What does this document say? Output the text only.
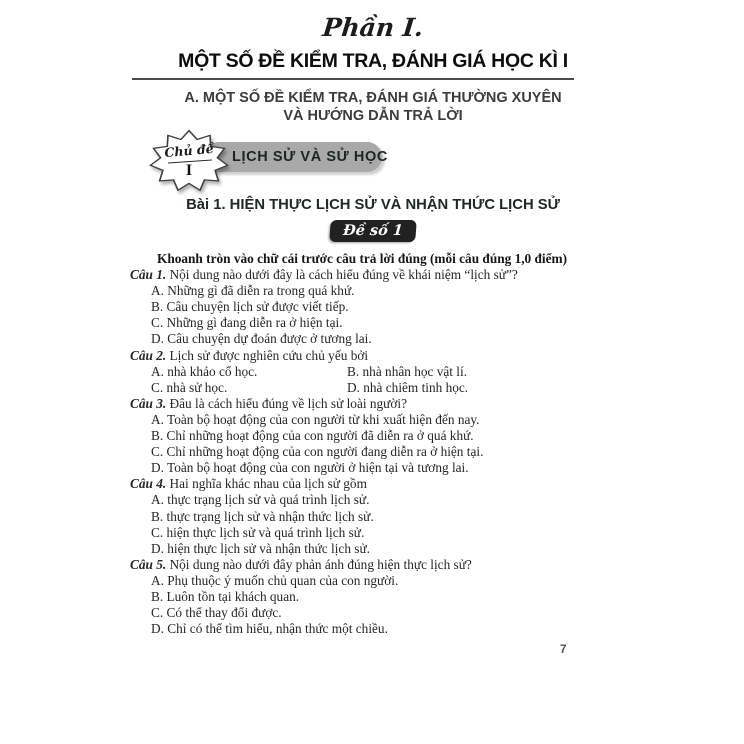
Phần I.
MỘT SỐ ĐỀ KIỂM TRA, ĐÁNH GIÁ HỌC KÌ I
A. MỘT SỐ ĐỀ KIỂM TRA, ĐÁNH GIÁ THƯỜNG XUYÊN
VÀ HƯỚNG DẪN TRẢ LỜI
LỊCH SỬ VÀ SỬ HỌC
Chủ đề
I
Bài 1. HIỆN THỰC LỊCH SỬ VÀ NHẬN THỨC LỊCH SỬ
Đề số 1
Khoanh tròn vào chữ cái trước câu trả lời đúng (mỗi câu đúng 1,0 điểm)
Câu 1. Nội dung nào dưới đây là cách hiểu đúng về khái niệm “lịch sử”?
A. Những gì đã diễn ra trong quá khứ.
B. Câu chuyện lịch sử được viết tiếp.
C. Những gì đang diễn ra ở hiện tại.
D. Câu chuyện dự đoán được ở tương lai.
Câu 2. Lịch sử được nghiên cứu chủ yếu bởi
A. nhà khảo cổ học.	B. nhà nhân học vật lí.
C. nhà sử học.	D. nhà chiêm tinh học.
Câu 3. Đâu là cách hiểu đúng về lịch sử loài người?
A. Toàn bộ hoạt động của con người từ khi xuất hiện đến nay.
B. Chỉ những hoạt động của con người đã diễn ra ở quá khứ.
C. Chỉ những hoạt động của con người đang diễn ra ở hiện tại.
D. Toàn bộ hoạt động của con người ở hiện tại và tương lai.
Câu 4. Hai nghĩa khác nhau của lịch sử gồm
A. thực trạng lịch sử và quá trình lịch sử.
B. thực trạng lịch sử và nhận thức lịch sử.
C. hiện thực lịch sử và quá trình lịch sử.
D. hiện thực lịch sử và nhận thức lịch sử.
Câu 5. Nội dung nào dưới đây phản ánh đúng hiện thực lịch sử?
A. Phụ thuộc ý muốn chủ quan của con người.
B. Luôn tồn tại khách quan.
C. Có thể thay đổi được.
D. Chỉ có thể tìm hiểu, nhận thức một chiều.
7
